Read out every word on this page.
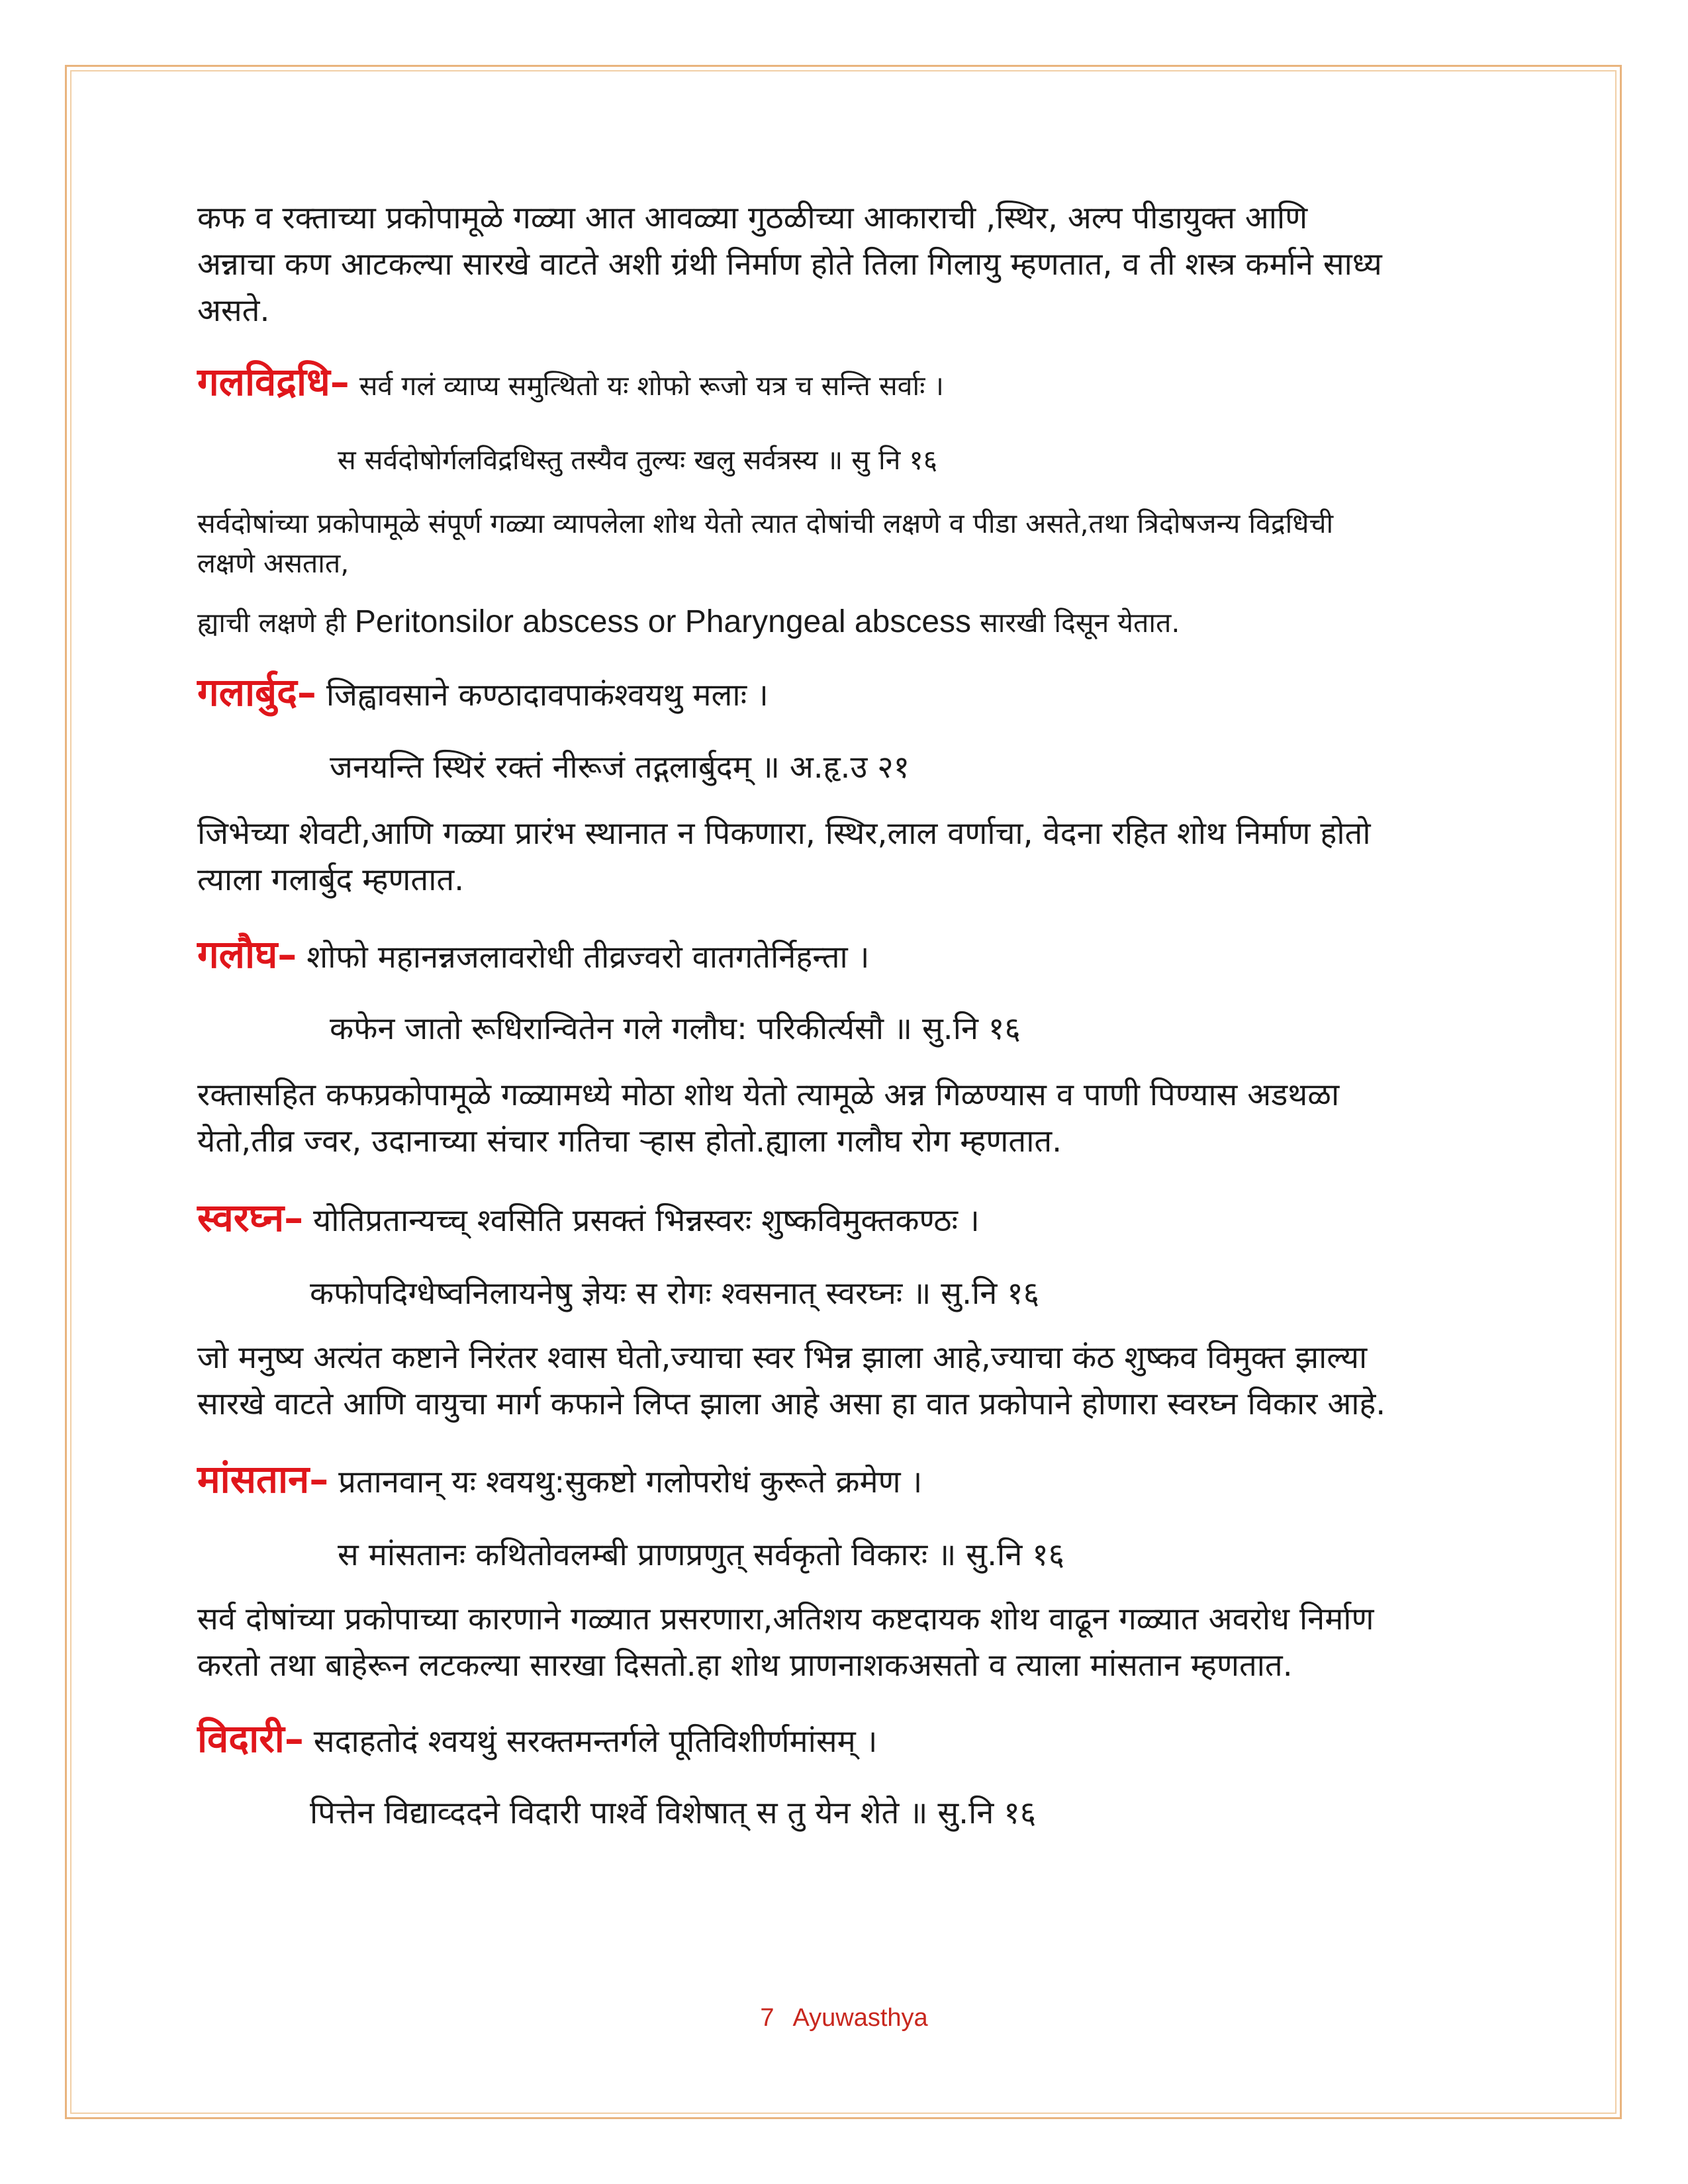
कफ व रक्ताच्या प्रकोपामूळे गळ्या आत आवळ्या गुठळीच्या आकाराची ,स्थिर, अल्प पीडायुक्त आणि
अन्नाचा कण आटकल्या सारखे वाटते अशी ग्रंथी निर्माण होते तिला गिलायु म्हणतात, व ती शस्त्र कर्माने साध्य
असते.
गलविद्रधि– सर्व गलं व्याप्य समुत्थितो यः शोफो रूजो यत्र च सन्ति सर्वाः ।
स सर्वदोषोर्गलविद्रधिस्तु तस्यैव तुल्यः खलु सर्वत्रस्य ॥ सु नि १६
सर्वदोषांच्या प्रकोपामूळे संपूर्ण गळ्या व्यापलेला शोथ येतो त्यात दोषांची लक्षणे व पीडा असते,तथा त्रिदोषजन्य विद्रधिची
लक्षणे असतात,
ह्याची लक्षणे ही Peritonsilor abscess or Pharyngeal abscess सारखी दिसून येतात.
गलार्बुद– जिह्वावसाने कण्ठादावपाकंश्वयथु मलाः ।
जनयन्ति स्थिरं रक्तं नीरूजं तद्गलार्बुदम् ॥ अ.हृ.उ २१
जिभेच्या शेवटी,आणि गळ्या प्रारंभ स्थानात न पिकणारा, स्थिर,लाल वर्णाचा, वेदना रहित शोथ निर्माण होतो
त्याला गलार्बुद म्हणतात.
गलौघ– शोफो महानन्नजलावरोधी तीव्रज्वरो वातगतेर्निहन्ता ।
कफेन जातो रूधिरान्वितेन गले गलौघ: परिकीर्त्यसौ ॥ सु.नि १६
रक्तासहित कफप्रकोपामूळे गळ्यामध्ये मोठा शोथ येतो त्यामूळे अन्न गिळण्यास व पाणी पिण्यास अडथळा
येतो,तीव्र ज्वर, उदानाच्या संचार गतिचा ऱ्हास होतो.ह्याला गलौघ रोग म्हणतात.
स्वरघ्न– योतिप्रतान्यच्च् श्वसिति प्रसक्तं भिन्नस्वरः शुष्कविमुक्तकण्ठः ।
कफोपदिग्धेष्वनिलायनेषु ज्ञेयः स रोगः श्वसनात् स्वरघ्नः ॥ सु.नि १६
जो मनुष्य अत्यंत कष्टाने निरंतर श्वास घेतो,ज्याचा स्वर भिन्न झाला आहे,ज्याचा कंठ शुष्कव विमुक्त झाल्या
सारखे वाटते आणि वायुचा मार्ग कफाने लिप्त झाला आहे असा हा वात प्रकोपाने होणारा स्वरघ्न विकार आहे.
मांसतान– प्रतानवान् यः श्वयथु:सुकष्टो गलोपरोधं कुरूते क्रमेण ।
स मांसतानः कथितोवलम्बी प्राणप्रणुत् सर्वकृतो विकारः ॥ सु.नि १६
सर्व दोषांच्या प्रकोपाच्या कारणाने गळ्यात प्रसरणारा,अतिशय कष्टदायक शोथ वाढून गळ्यात अवरोध निर्माण
करतो तथा बाहेरून लटकल्या सारखा दिसतो.हा शोथ प्राणनाशकअसतो व त्याला मांसतान म्हणतात.
विदारी– सदाहतोदं श्वयथुं सरक्तमन्तर्गले पूतिविशीर्णमांसम् ।
पित्तेन विद्याव्ददने विदारी पार्श्वे विशेषात् स तु येन शेते ॥ सु.नि १६
7 Ayuwasthya
